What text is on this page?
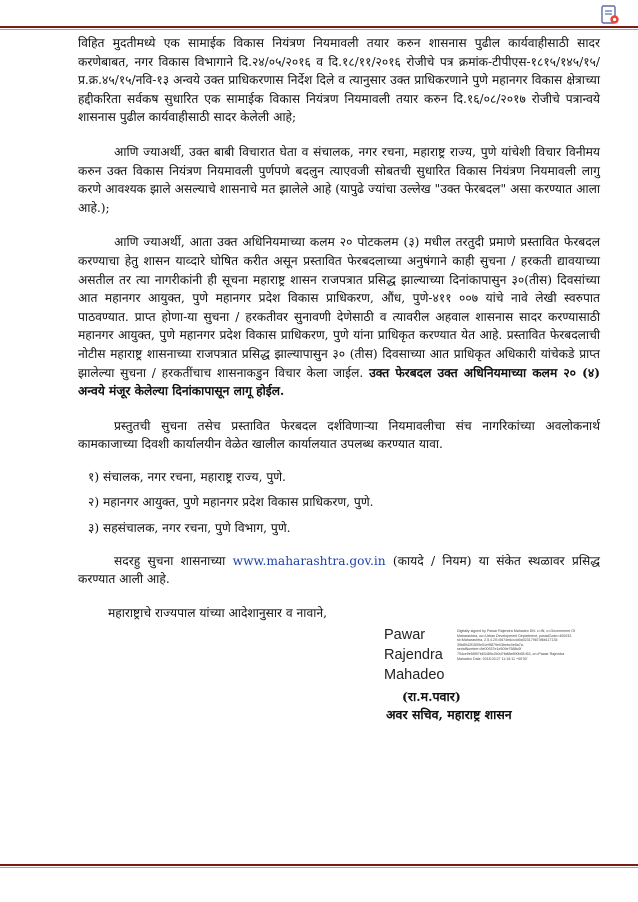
विहित मुदतीमध्ये एक सामाईक विकास नियंत्रण नियमावली तयार करुन शासनास पुढील कार्यवाहीसाठी सादर करणेबाबत, नगर विकास विभागाने दि.२४/०५/२०१६ व दि.१८/११/२०१६ रोजीचे पत्र क्रमांक-टीपीएस-१८१५/१४५/१५/प्र.क्र.४५/१५/नवि-१३ अन्वये उक्त प्राधिकरणास निर्देश दिले व त्यानुसार उक्त प्राधिकरणाने पुणे महानगर विकास क्षेत्राच्या हद्दीकरिता सर्वकष सुधारित एक सामाईक विकास नियंत्रण नियमावली तयार करुन दि.१६/०८/२०१७ रोजीचे पत्रान्वये शासनास पुढील कार्यवाहीसाठी सादर केलेली आहे;

आणि ज्याअर्थी, उक्त बाबी विचारात घेता व संचालक, नगर रचना, महाराष्ट्र राज्य, पुणे यांचेशी विचार विनीमय करुन उक्त विकास नियंत्रण नियमावली पुर्णपणे बदलुन त्याएवजी सोबतची सुधारित विकास नियंत्रण नियमावली लागु करणे आवश्यक झाले असल्याचे शासनाचे मत झालेले आहे (यापुढे ज्यांचा उल्लेख "उक्त फेरबदल" असा करण्यात आला आहे.);

आणि ज्याअर्थी, आता उक्त अधिनियमाच्या कलम २० पोटकलम (३) मधील तरतुदी प्रमाणे प्रस्तावित फेरबदल करण्याचा हेतु शासन याव्दारे घोषित करीत असून प्रस्तावित फेरबदलाच्या अनुषंगाने काही सुचना / हरकती द्यावयाच्या असतील तर त्या नागरीकांनी ही सूचना महाराष्ट्र शासन राजपत्रात प्रसिद्ध झाल्याच्या दिनांकापासुन ३०(तीस) दिवसांच्या आत महानगर आयुक्त, पुणे महानगर प्रदेश विकास प्राधिकरण, औंध, पुणे-४११ ००७ यांचे नावे लेखी स्वरुपात पाठवण्यात. प्राप्त होणा-या सुचना / हरकतीवर सुनावणी देणेसाठी व त्यावरील अहवाल शासनास सादर करण्यासाठी महानगर आयुक्त, पुणे महानगर प्रदेश विकास प्राधिकरण, पुणे यांना प्राधिकृत करण्यात येत आहे. प्रस्तावित फेरबदलाची नोटीस महाराष्ट्र शासनाच्या राजपत्रात प्रसिद्ध झाल्यापासुन ३० (तीस) दिवसाच्या आत प्राधिकृत अधिकारी यांचेकडे प्राप्त झालेल्या सुचना / हरकतींचाच शासनाकडुन विचार केला जाईल. उक्त फेरबदल उक्त अधिनियमाच्या कलम २० (४) अन्वये मंजूर केलेल्या दिनांकापासून लागू होईल.

प्रस्तुतची सुचना तसेच प्रस्तावित फेरबदल दर्शविणाऱ्या नियमावलीचा संच नागरिकांच्या अवलोकनार्थ कामकाजाच्या दिवशी कार्यालयीन वेळेत खालील कार्यालयात उपलब्ध करण्यात यावा.

१) संचालक, नगर रचना, महाराष्ट्र राज्य, पुणे.
२) महानगर आयुक्त, पुणे महानगर प्रदेश विकास प्राधिकरण, पुणे.
३) सहसंचालक, नगर रचना, पुणे विभाग, पुणे.

सदरहु सुचना शासनाच्या www.maharashtra.gov.in (कायदे / नियम) या संकेत स्थळावर प्रसिद्ध करण्यात आली आहे.

महाराष्ट्राचे राज्यपाल यांच्या आदेशानुसार व नावाने,
Pawar
Rajendra
Mahadeo
Digitally signed by Pawar Rajendra Mahadeo DN: c=IN, o=Government Of Maharashtra, ou=Urban Development Department, postalCode=400032, st=Maharashtra, 2.5.4.20=0674e6cc4d0a023179874f6b117135 39b8942f1509e51e9f879e03bebc0e5a7a, serialNumber=8e00937e1e509e7588c0f 794ce9e58f97b63489c2b0d7fb88e890b58 f63, cn=Pawar Rajendra Mahadeo Date: 2018.03.27 11:15:11 +05'30'
(रा.म.पवार)
अवर सचिव, महाराष्ट्र शासन
